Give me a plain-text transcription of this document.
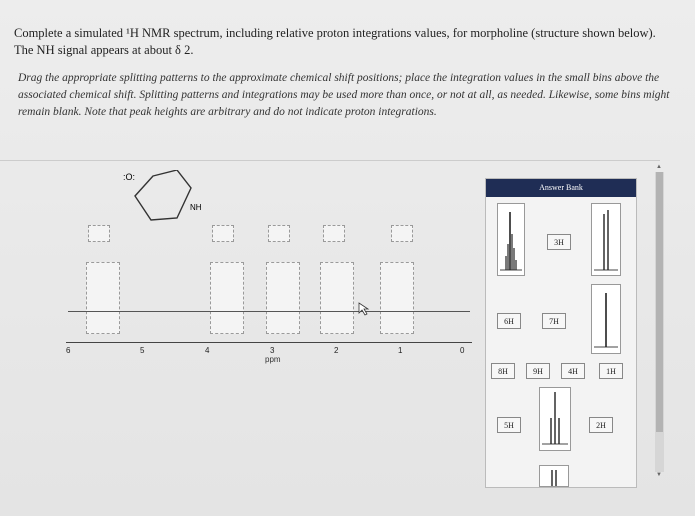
Complete a simulated ¹H NMR spectrum, including relative proton integrations values, for morpholine (structure shown below).
The NH signal appears at about δ 2.
Drag the appropriate splitting patterns to the approximate chemical shift positions; place the integration values in the small bins above the associated chemical shift. Splitting patterns and integrations may be used more than once, or not at all, as needed. Likewise, some bins might remain blank. Note that peak heights are arbitrary and do not indicate proton integrations.
:O:
NH
6	5	4	3	2	1	0
ppm
Answer Bank
3H
6H	7H
8H	9H	4H	1H
5H	2H
▲
▼
